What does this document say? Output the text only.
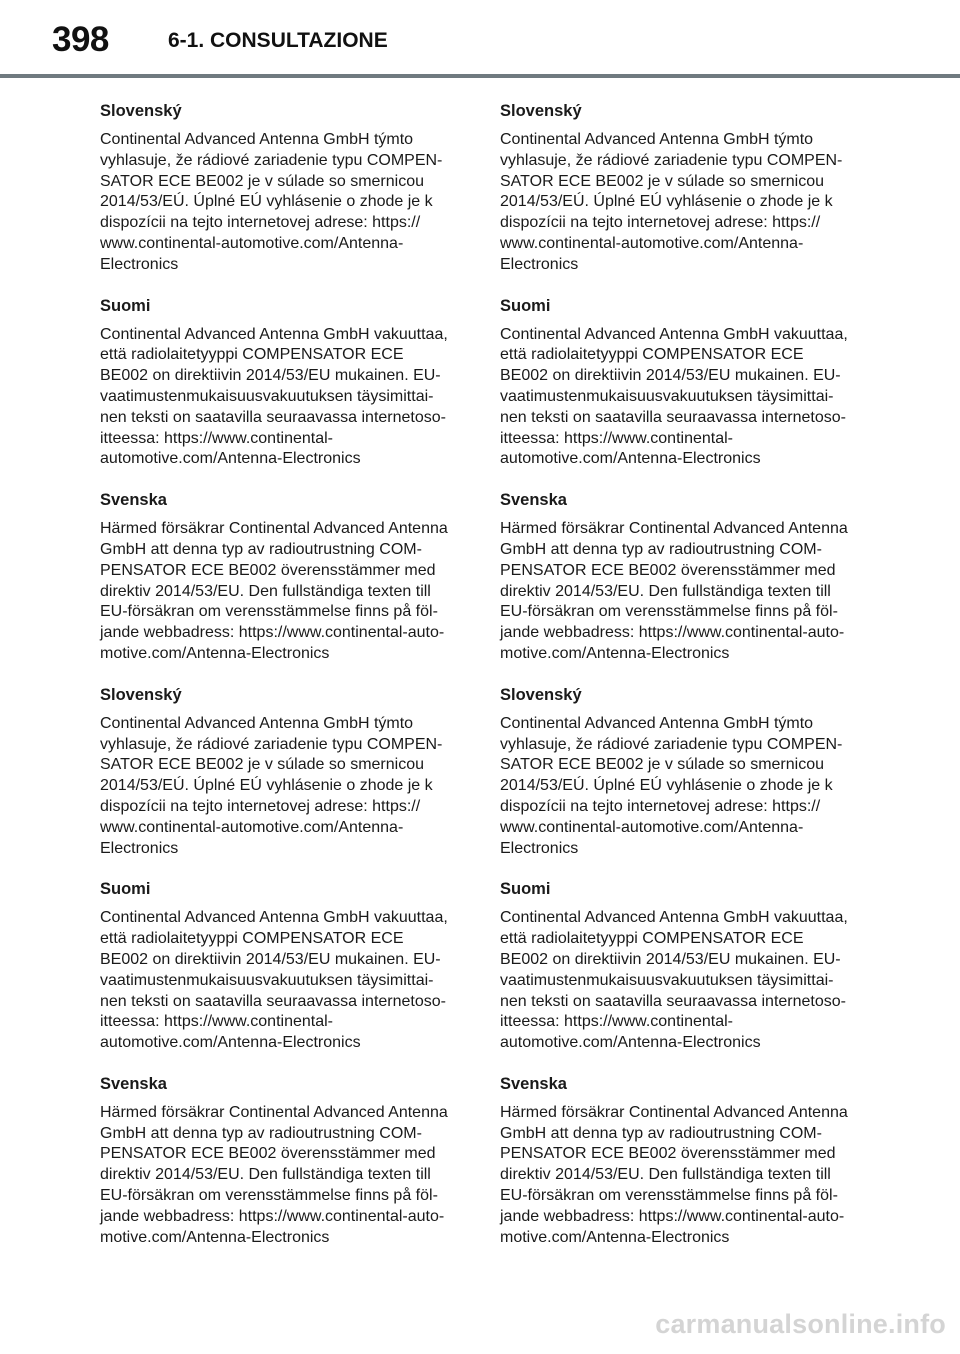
398	6-1. CONSULTAZIONE
Slovenský

Continental Advanced Antenna GmbH týmto
vyhlasuje, že rádiové zariadenie typu COMPEN-
SATOR ECE BE002 je v súlade so smernicou
2014/53/EÚ. Úplné EÚ vyhlásenie o zhode je k
dispozícii na tejto internetovej adrese: https://
www.continental-automotive.com/Antenna-
Electronics

Suomi

Continental Advanced Antenna GmbH vakuuttaa,
että radiolaitetyyppi COMPENSATOR ECE
BE002 on direktiivin 2014/53/EU mukainen. EU-
vaatimustenmukaisuusvakuutuksen täysimittai-
nen teksti on saatavilla seuraavassa internetoso-
itteessa: https://www.continental-
automotive.com/Antenna-Electronics

Svenska

Härmed försäkrar Continental Advanced Antenna
GmbH att denna typ av radioutrustning COM-
PENSATOR ECE BE002 överensstämmer med
direktiv 2014/53/EU. Den fullständiga texten till
EU-försäkran om verensstämmelse finns på föl-
jande webbadress: https://www.continental-auto-
motive.com/Antenna-Electronics

Slovenský

Continental Advanced Antenna GmbH týmto
vyhlasuje, že rádiové zariadenie typu COMPEN-
SATOR ECE BE002 je v súlade so smernicou
2014/53/EÚ. Úplné EÚ vyhlásenie o zhode je k
dispozícii na tejto internetovej adrese: https://
www.continental-automotive.com/Antenna-
Electronics

Suomi

Continental Advanced Antenna GmbH vakuuttaa,
että radiolaitetyyppi COMPENSATOR ECE
BE002 on direktiivin 2014/53/EU mukainen. EU-
vaatimustenmukaisuusvakuutuksen täysimittai-
nen teksti on saatavilla seuraavassa internetoso-
itteessa: https://www.continental-
automotive.com/Antenna-Electronics

Svenska

Härmed försäkrar Continental Advanced Antenna
GmbH att denna typ av radioutrustning COM-
PENSATOR ECE BE002 överensstämmer med
direktiv 2014/53/EU. Den fullständiga texten till
EU-försäkran om verensstämmelse finns på föl-
jande webbadress: https://www.continental-auto-
motive.com/Antenna-Electronics

Slovenský

Continental Advanced Antenna GmbH týmto
vyhlasuje, že rádiové zariadenie typu COMPEN-
SATOR ECE BE002 je v súlade so smernicou
2014/53/EÚ. Úplné EÚ vyhlásenie o zhode je k
dispozícii na tejto internetovej adrese: https://
www.continental-automotive.com/Antenna-
Electronics

Suomi

Continental Advanced Antenna GmbH vakuuttaa,
että radiolaitetyyppi COMPENSATOR ECE
BE002 on direktiivin 2014/53/EU mukainen. EU-
vaatimustenmukaisuusvakuutuksen täysimittai-
nen teksti on saatavilla seuraavassa internetoso-
itteessa: https://www.continental-
automotive.com/Antenna-Electronics

Svenska

Härmed försäkrar Continental Advanced Antenna
GmbH att denna typ av radioutrustning COM-
PENSATOR ECE BE002 överensstämmer med
direktiv 2014/53/EU. Den fullständiga texten till
EU-försäkran om verensstämmelse finns på föl-
jande webbadress: https://www.continental-auto-
motive.com/Antenna-Electronics

Slovenský

Continental Advanced Antenna GmbH týmto
vyhlasuje, že rádiové zariadenie typu COMPEN-
SATOR ECE BE002 je v súlade so smernicou
2014/53/EÚ. Úplné EÚ vyhlásenie o zhode je k
dispozícii na tejto internetovej adrese: https://
www.continental-automotive.com/Antenna-
Electronics

Suomi

Continental Advanced Antenna GmbH vakuuttaa,
että radiolaitetyyppi COMPENSATOR ECE
BE002 on direktiivin 2014/53/EU mukainen. EU-
vaatimustenmukaisuusvakuutuksen täysimittai-
nen teksti on saatavilla seuraavassa internetoso-
itteessa: https://www.continental-
automotive.com/Antenna-Electronics

Svenska

Härmed försäkrar Continental Advanced Antenna
GmbH att denna typ av radioutrustning COM-
PENSATOR ECE BE002 överensstämmer med
direktiv 2014/53/EU. Den fullständiga texten till
EU-försäkran om verensstämmelse finns på föl-
jande webbadress: https://www.continental-auto-
motive.com/Antenna-Electronics

carmanualsonline.info
